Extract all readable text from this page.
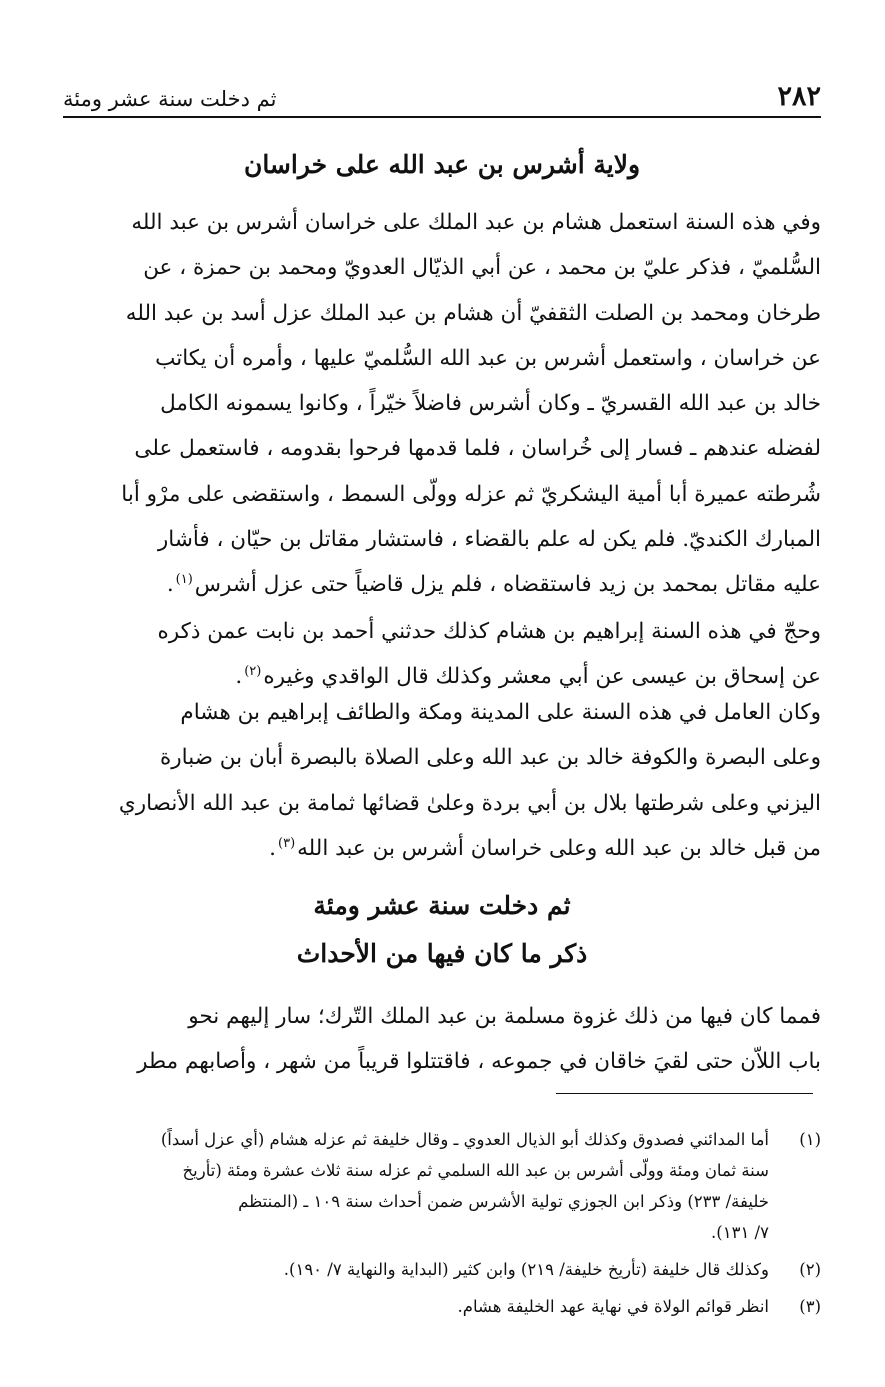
٢٨٢
ثم دخلت سنة عشر ومئة
ولاية أشرس بن عبد الله على خراسان

وفي هذه السنة استعمل هشام بن عبد الملك على خراسان أشرس بن عبد الله
السُّلميّ ، فذكر عليّ بن محمد ، عن أبي الذيّال العدويّ ومحمد بن حمزة ، عن
طرخان ومحمد بن الصلت الثقفيّ أن هشام بن عبد الملك عزل أسد بن عبد الله
عن خراسان ، واستعمل أشرس بن عبد الله السُّلميّ عليها ، وأمره أن يكاتب
خالد بن عبد الله القسريّ ـ وكان أشرس فاضلاً خيّراً ، وكانوا يسمونه الكامل
لفضله عندهم ـ فسار إلى خُراسان ، فلما قدمها فرحوا بقدومه ، فاستعمل على
شُرطته عميرة أبا أمية اليشكريّ ثم عزله وولّى السمط ، واستقضى على مرْو أبا
المبارك الكنديّ. فلم يكن له علم بالقضاء ، فاستشار مقاتل بن حيّان ، فأشار
عليه مقاتل بمحمد بن زيد فاستقضاه ، فلم يزل قاضياً حتى عزل أشرس$^{(١)}$.

وحجّ في هذه السنة إبراهيم بن هشام كذلك حدثني أحمد بن نابت عمن ذكره
عن إسحاق بن عيسى عن أبي معشر وكذلك قال الواقدي وغيره$^{(٢)}$.

وكان العامل في هذه السنة على المدينة ومكة والطائف إبراهيم بن هشام
وعلى البصرة والكوفة خالد بن عبد الله وعلى الصلاة بالبصرة أبان بن ضبارة
اليزني وعلى شرطتها بلال بن أبي بردة وعلىٰ قضائها ثمامة بن عبد الله الأنصاري
من قبل خالد بن عبد الله وعلى خراسان أشرس بن عبد الله$^{(٣)}$.

ثم دخلت سنة عشر ومئة
ذكر ما كان فيها من الأحداث

فمما كان فيها من ذلك غزوة مسلمة بن عبد الملك التّرك؛ سار إليهم نحو
باب اللاّن حتى لقيَ خاقان في جموعه ، فاقتتلوا قريباً من شهر ، وأصابهم مطر

(١)
أما المدائني فصدوق وكذلك أبو الذيال العدوي ـ وقال خليفة ثم عزله هشام (أي عزل أسداً)
سنة ثمان ومئة وولّى أشرس بن عبد الله السلمي ثم عزله سنة ثلاث عشرة ومئة (تأريخ
خليفة/ ٢٣٣) وذكر ابن الجوزي تولية الأشرس ضمن أحداث سنة ١٠٩ ـ (المنتظم
٧/ ١٣١).
(٢)
وكذلك قال خليفة (تأريخ خليفة/ ٢١٩) وابن كثير (البداية والنهاية ٧/ ١٩٠).
(٣)
انظر قوائم الولاة في نهاية عهد الخليفة هشام.
